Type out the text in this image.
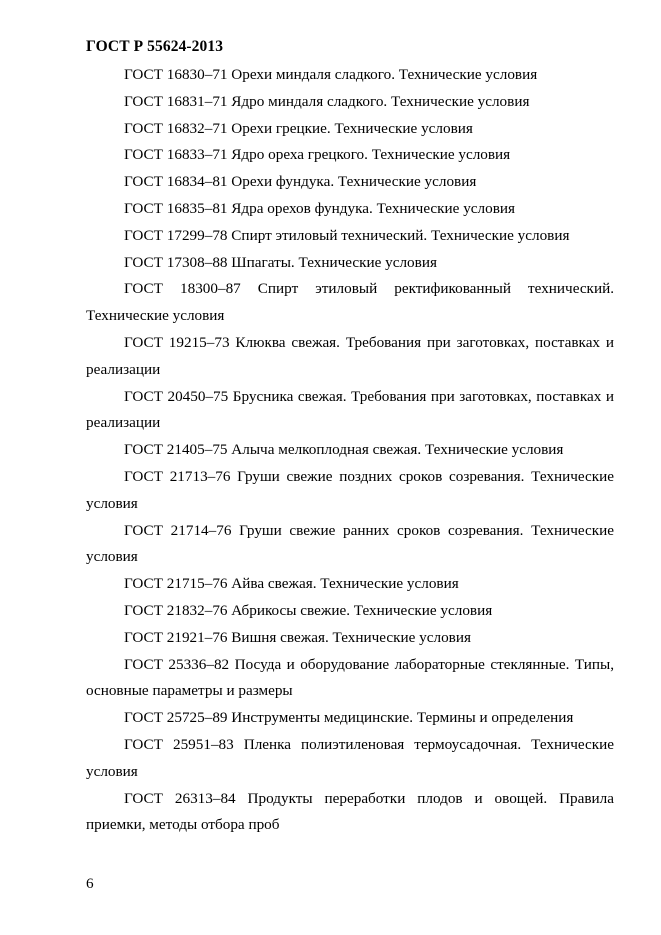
ГОСТ Р 55624-2013
ГОСТ 16830–71 Орехи миндаля сладкого. Технические условия
ГОСТ 16831–71 Ядро миндаля сладкого. Технические условия
ГОСТ 16832–71 Орехи грецкие. Технические условия
ГОСТ 16833–71 Ядро ореха грецкого. Технические условия
ГОСТ 16834–81 Орехи фундука. Технические условия
ГОСТ 16835–81 Ядра орехов фундука. Технические условия
ГОСТ 17299–78 Спирт этиловый технический. Технические условия
ГОСТ 17308–88 Шпагаты. Технические условия
ГОСТ 18300–87 Спирт этиловый ректификованный технический. Технические условия
ГОСТ 19215–73 Клюква свежая. Требования при заготовках, поставках и реализации
ГОСТ 20450–75 Брусника свежая. Требования при заготовках, поставках и реализации
ГОСТ 21405–75 Алыча мелкоплодная свежая. Технические условия
ГОСТ 21713–76 Груши свежие поздних сроков созревания. Технические условия
ГОСТ 21714–76 Груши свежие ранних сроков созревания. Технические условия
ГОСТ 21715–76 Айва свежая. Технические условия
ГОСТ 21832–76 Абрикосы свежие. Технические условия
ГОСТ 21921–76 Вишня свежая. Технические условия
ГОСТ 25336–82 Посуда и оборудование лабораторные стеклянные. Типы, основные параметры и размеры
ГОСТ 25725–89 Инструменты медицинские. Термины и определения
ГОСТ 25951–83 Пленка полиэтиленовая термоусадочная. Технические условия
ГОСТ 26313–84 Продукты переработки плодов и овощей. Правила приемки, методы отбора проб
6
